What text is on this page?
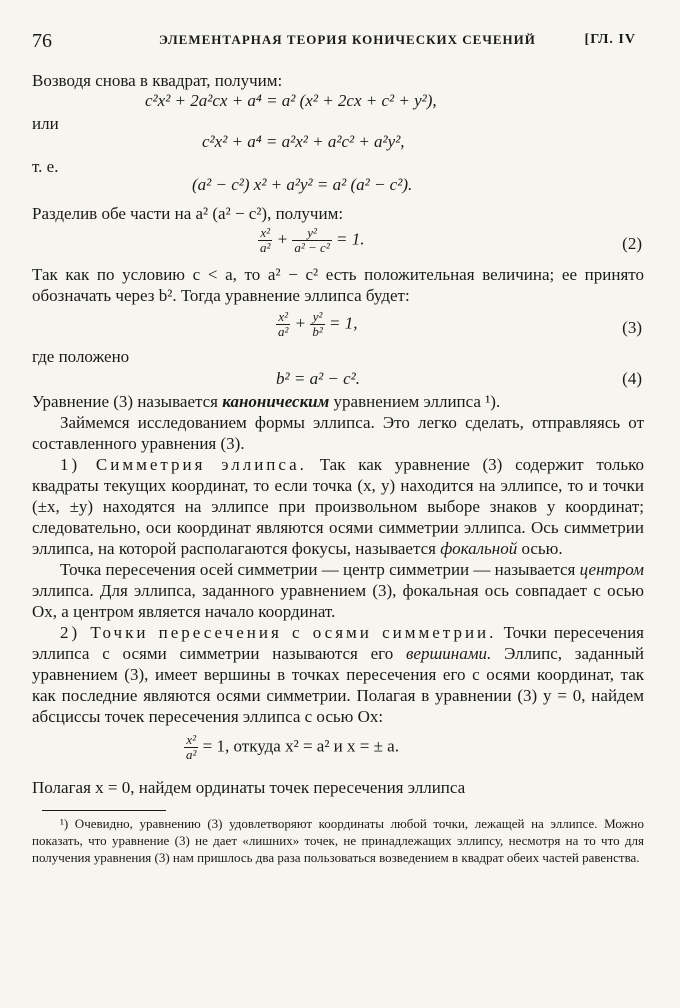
76	ЭЛЕМЕНТАРНАЯ ТЕОРИЯ КОНИЧЕСКИХ СЕЧЕНИЙ	[ГЛ. IV

Возводя снова в квадрат, получим:

c²x² + 2a²cx + a⁴ = a² (x² + 2cx + c² + y²),

или

c²x² + a⁴ = a²x² + a²c² + a²y²,

т. е.

(a² − c²) x² + a²y² = a² (a² − c²).

Разделив обе части на a² (a² − c²), получим:

$\frac{\text{x²}}{\text{a²}} + \frac{\text{y²}}{\text{a² − c²}} = 1$.	(2)

Так как по условию c < a, то a² − c² есть положительная величина; ее принято обозначать через b². Тогда уравнение эллипса будет:

$\frac{\text{x²}}{\text{a²}} + \frac{\text{y²}}{\text{b²}} = 1$,	(3)

где положено

b² = a² − c².	(4)

Уравнение (3) называется каноническим уравнением эллипса ¹).

Займемся исследованием формы эллипса. Это легко сделать, отправляясь от составленного уравнения (3).

1) Симметрия эллипса. Так как уравнение (3) содержит только квадраты текущих координат, то если точка (x, y) находится на эллипсе, то и точки (±x, ±y) находятся на эллипсе при произвольном выборе знаков у координат; следовательно, оси координат являются осями симметрии эллипса. Ось симметрии эллипса, на которой располагаются фокусы, называется фокальной осью.

Точка пересечения осей симметрии — центр симметрии — называется центром эллипса. Для эллипса, заданного уравнением (3), фокальная ось совпадает с осью Ox, а центром является начало координат.

2) Точки пересечения с осями симметрии. Точки пересечения эллипса с осями симметрии называются его вершинами. Эллипс, заданный уравнением (3), имеет вершины в точках пересечения его с осями координат, так как последние являются осями симметрии. Полагая в уравнении (3) y = 0, найдем абсциссы точек пересечения эллипса с осью Ox:

$\frac{\text{x²}}{\text{a²}} = 1$, откуда x² = a² и x = ± a.

Полагая x = 0, найдем ординаты точек пересечения эллипса

¹) Очевидно, уравнению (3) удовлетворяют координаты любой точки, лежащей на эллипсе. Можно показать, что уравнение (3) не дает «лишних» точек, не принадлежащих эллипсу, несмотря на то что для получения уравнения (3) нам пришлось два раза пользоваться возведением в квадрат обеих частей равенства.
